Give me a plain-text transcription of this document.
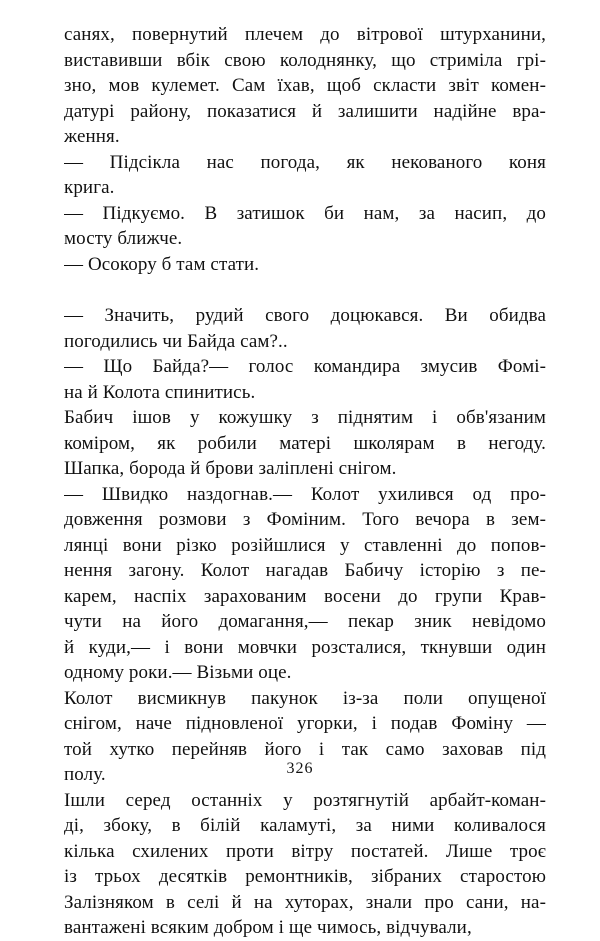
санях, повернутий плечем до вітрової штурханини,
виставивши вбік свою колоднянку, що стриміла грі-
зно, мов кулемет. Сам їхав, щоб скласти звіт комен-
датурі району, показатися й залишити надійне вра-
ження.
— Підсікла нас погода, як некованого коня
крига.
— Підкуємо. В затишок би нам, за насип, до
мосту ближче.
— Осокору б там стати.
— Значить, рудий свого доцюкався. Ви обидва
погодились чи Байда сам?..
— Що Байда?— голос командира змусив Фомі-
на й Колота спинитись.
Бабич ішов у кожушку з піднятим і обв'язаним
коміром, як робили матері школярам в негоду.
Шапка, борода й брови заліплені снігом.
— Швидко наздогнав.— Колот ухилився од про-
довження розмови з Фоміним. Того вечора в зем-
лянці вони різко розійшлися у ставленні до попов-
нення загону. Колот нагадав Бабичу історію з пе-
карем, наспіх зарахованим восени до групи Крав-
чути на його домагання,— пекар зник невідомо
й куди,— і вони мовчки розсталися, ткнувши один
одному роки.— Візьми оце.
Колот висмикнув пакунок із-за поли опущеної
снігом, наче підновленої угорки, і подав Фоміну —
той хутко перейняв його і так само заховав під
полу.
Ішли серед останніх у розтягнутій арбайт-коман-
ді, збоку, в білій каламуті, за ними коливалося
кілька схилених проти вітру постатей. Лише троє
із трьох десятків ремонтників, зібраних старостою
Залізняком в селі й на хуторах, знали про сани, на-
вантажені всяким добром і ще чимось, відчували,
326
